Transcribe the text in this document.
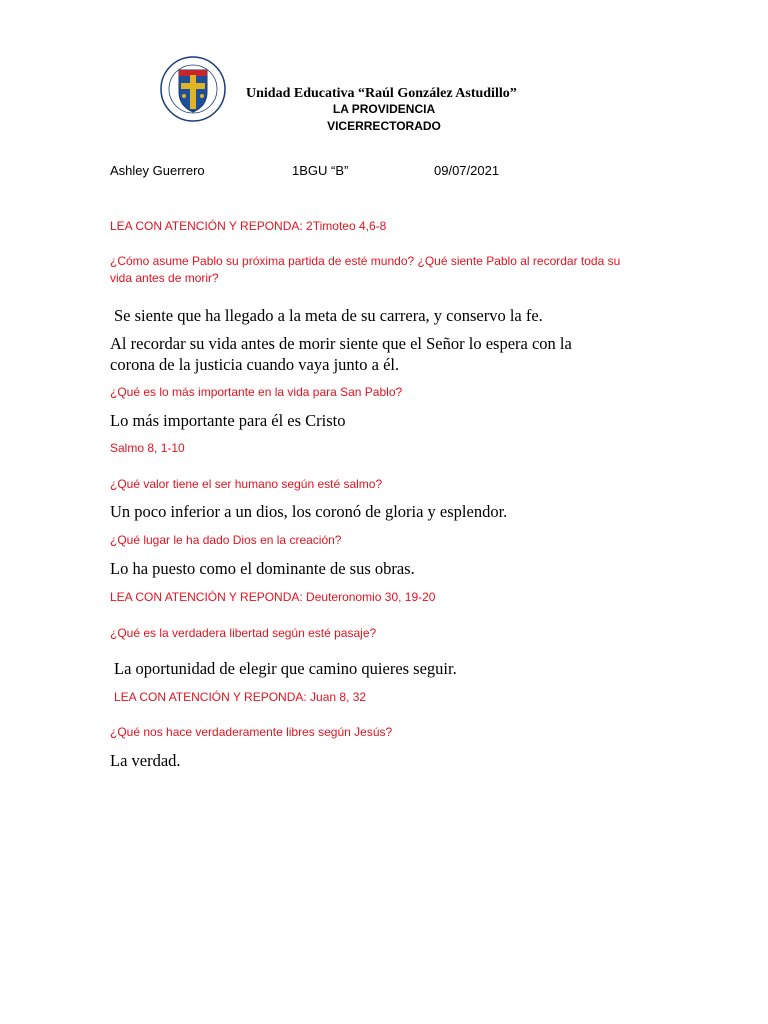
Unidad Educativa “Raúl González Astudillo”
LA PROVIDENCIA
VICERRECTORADO
Ashley Guerrero	1BGU “B”	09/07/2021
LEA CON ATENCIÓN Y REPONDA: 2Timoteo 4,6-8
¿Cómo asume Pablo su próxima partida de esté mundo? ¿Qué siente Pablo al recordar toda su
vida antes de morir?
Se siente que ha llegado a la meta de su carrera, y conservo la fe.
Al recordar su vida antes de morir siente que el Señor lo espera con la
corona de la justicia cuando vaya junto a él.
¿Qué es lo más importante en la vida para San Pablo?
Lo más importante para él es Cristo
Salmo 8, 1-10
¿Qué valor tiene el ser humano según esté salmo?
Un poco inferior a un dios, los coronó de gloria y esplendor.
¿Qué lugar le ha dado Dios en la creación?
Lo ha puesto como el dominante de sus obras.
LEA CON ATENCIÓN Y REPONDA: Deuteronomio 30, 19-20
¿Qué es la verdadera libertad según esté pasaje?
La oportunidad de elegir que camino quieres seguir.
LEA CON ATENCIÓN Y REPONDA: Juan 8, 32
¿Qué nos hace verdaderamente libres según Jesús?
La verdad.
